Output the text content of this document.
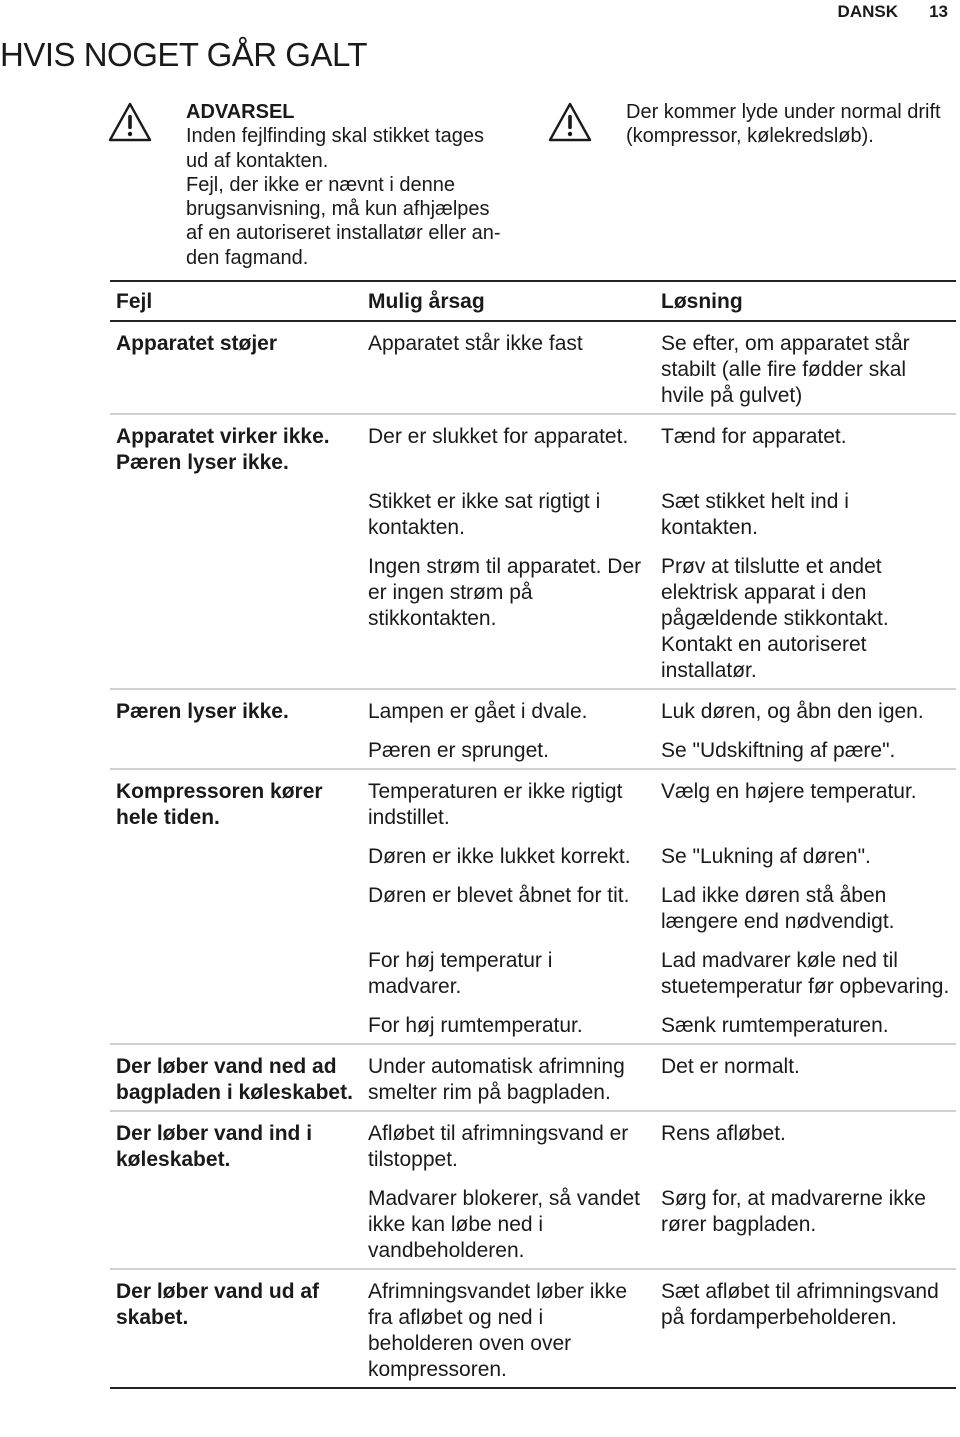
DANSK 13
HVIS NOGET GÅR GALT
ADVARSEL
Inden fejlfinding skal stikket tages
ud af kontakten.
Fejl, der ikke er nævnt i denne
brugsanvisning, må kun afhjælpes
af en autoriseret installatør eller an-
den fagmand.
Der kommer lyde under normal drift
(kompressor, kølekredsløb).
Fejl	Mulig årsag	Løsning
Apparatet støjer	Apparatet står ikke fast	Se efter, om apparatet står stabilt (alle fire fødder skal hvile på gulvet)
Apparatet virker ikke. Pæren lyser ikke.	Der er slukket for apparatet.	Tænd for apparatet.
	Stikket er ikke sat rigtigt i kontakten.	Sæt stikket helt ind i kontakten.
	Ingen strøm til apparatet. Der er ingen strøm på stikkontakten.	Prøv at tilslutte et andet elektrisk apparat i den pågældende stikkontakt. Kontakt en autoriseret installatør.
Pæren lyser ikke.	Lampen er gået i dvale.	Luk døren, og åbn den igen.
	Pæren er sprunget.	Se "Udskiftning af pære".
Kompressoren kører hele tiden.	Temperaturen er ikke rigtigt indstillet.	Vælg en højere temperatur.
	Døren er ikke lukket korrekt.	Se "Lukning af døren".
	Døren er blevet åbnet for tit.	Lad ikke døren stå åben længere end nødvendigt.
	For høj temperatur i madvarer.	Lad madvarer køle ned til stuetemperatur før opbevaring.
	For høj rumtemperatur.	Sænk rumtemperaturen.
Der løber vand ned ad bagpladen i køleskabet.	Under automatisk afrimning smelter rim på bagpladen.	Det er normalt.
Der løber vand ind i køleskabet.	Afløbet til afrimningsvand er tilstoppet.	Rens afløbet.
	Madvarer blokerer, så vandet ikke kan løbe ned i vandbeholderen.	Sørg for, at madvarerne ikke rører bagpladen.
Der løber vand ud af skabet.	Afrimningsvandet løber ikke fra afløbet og ned i beholderen oven over kompressoren.	Sæt afløbet til afrimningsvand på fordamperbeholderen.
